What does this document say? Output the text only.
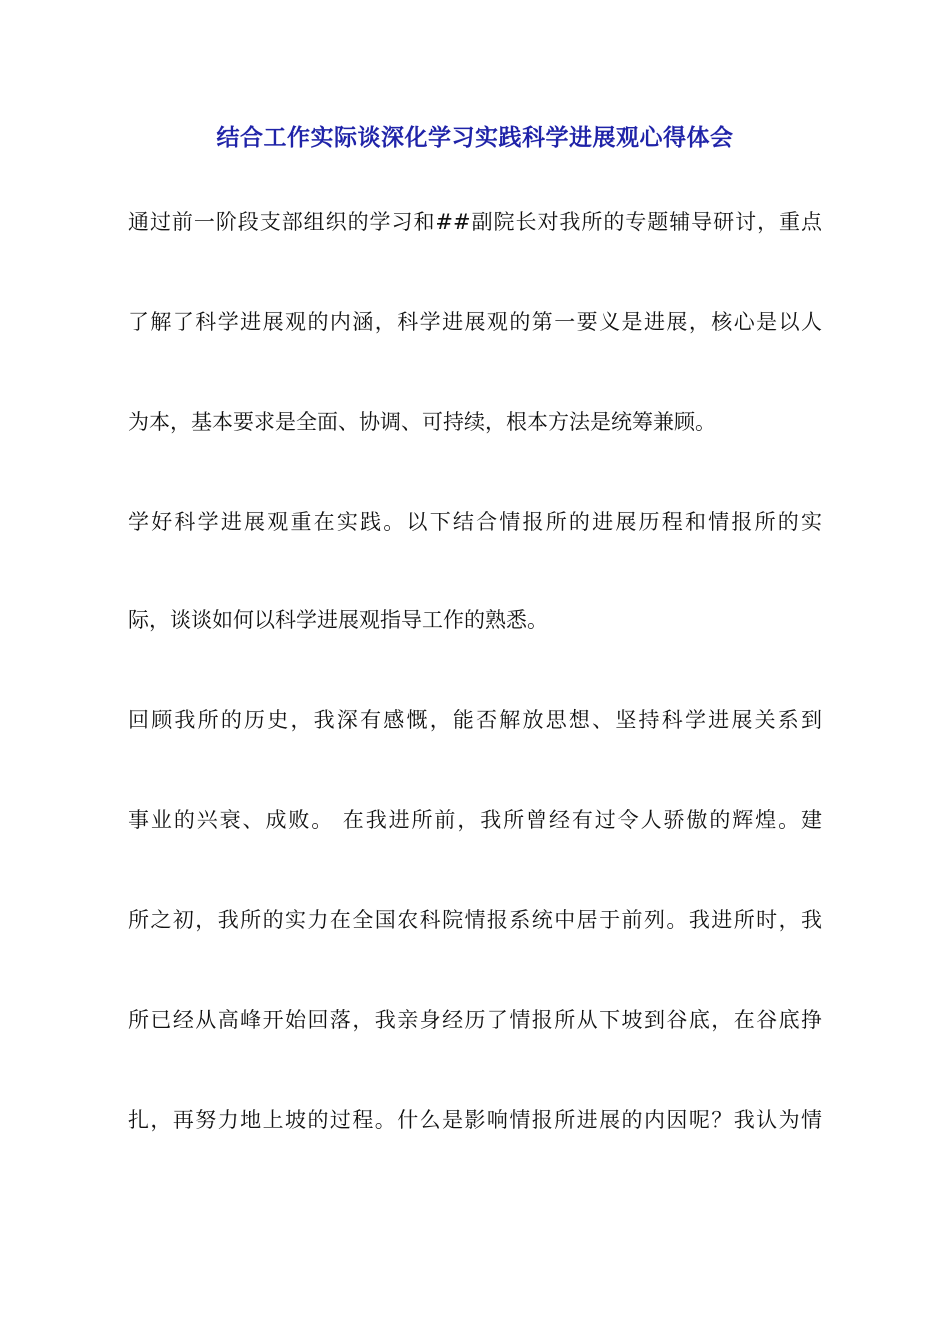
结合工作实际谈深化学习实践科学进展观心得体会
通过前一阶段支部组织的学习和##副院长对我所的专题辅导研讨，重点
了解了科学进展观的内涵，科学进展观的第一要义是进展，核心是以人
为本，基本要求是全面、协调、可持续，根本方法是统筹兼顾。
学好科学进展观重在实践。以下结合情报所的进展历程和情报所的实
际，谈谈如何以科学进展观指导工作的熟悉。
回顾我所的历史，我深有感慨，能否解放思想、坚持科学进展关系到
事业的兴衰、成败。 在我进所前，我所曾经有过令人骄傲的辉煌。建
所之初，我所的实力在全国农科院情报系统中居于前列。我进所时，我
所已经从高峰开始回落，我亲身经历了情报所从下坡到谷底，在谷底挣
扎，再努力地上坡的过程。什么是影响情报所进展的内因呢？我认为情
